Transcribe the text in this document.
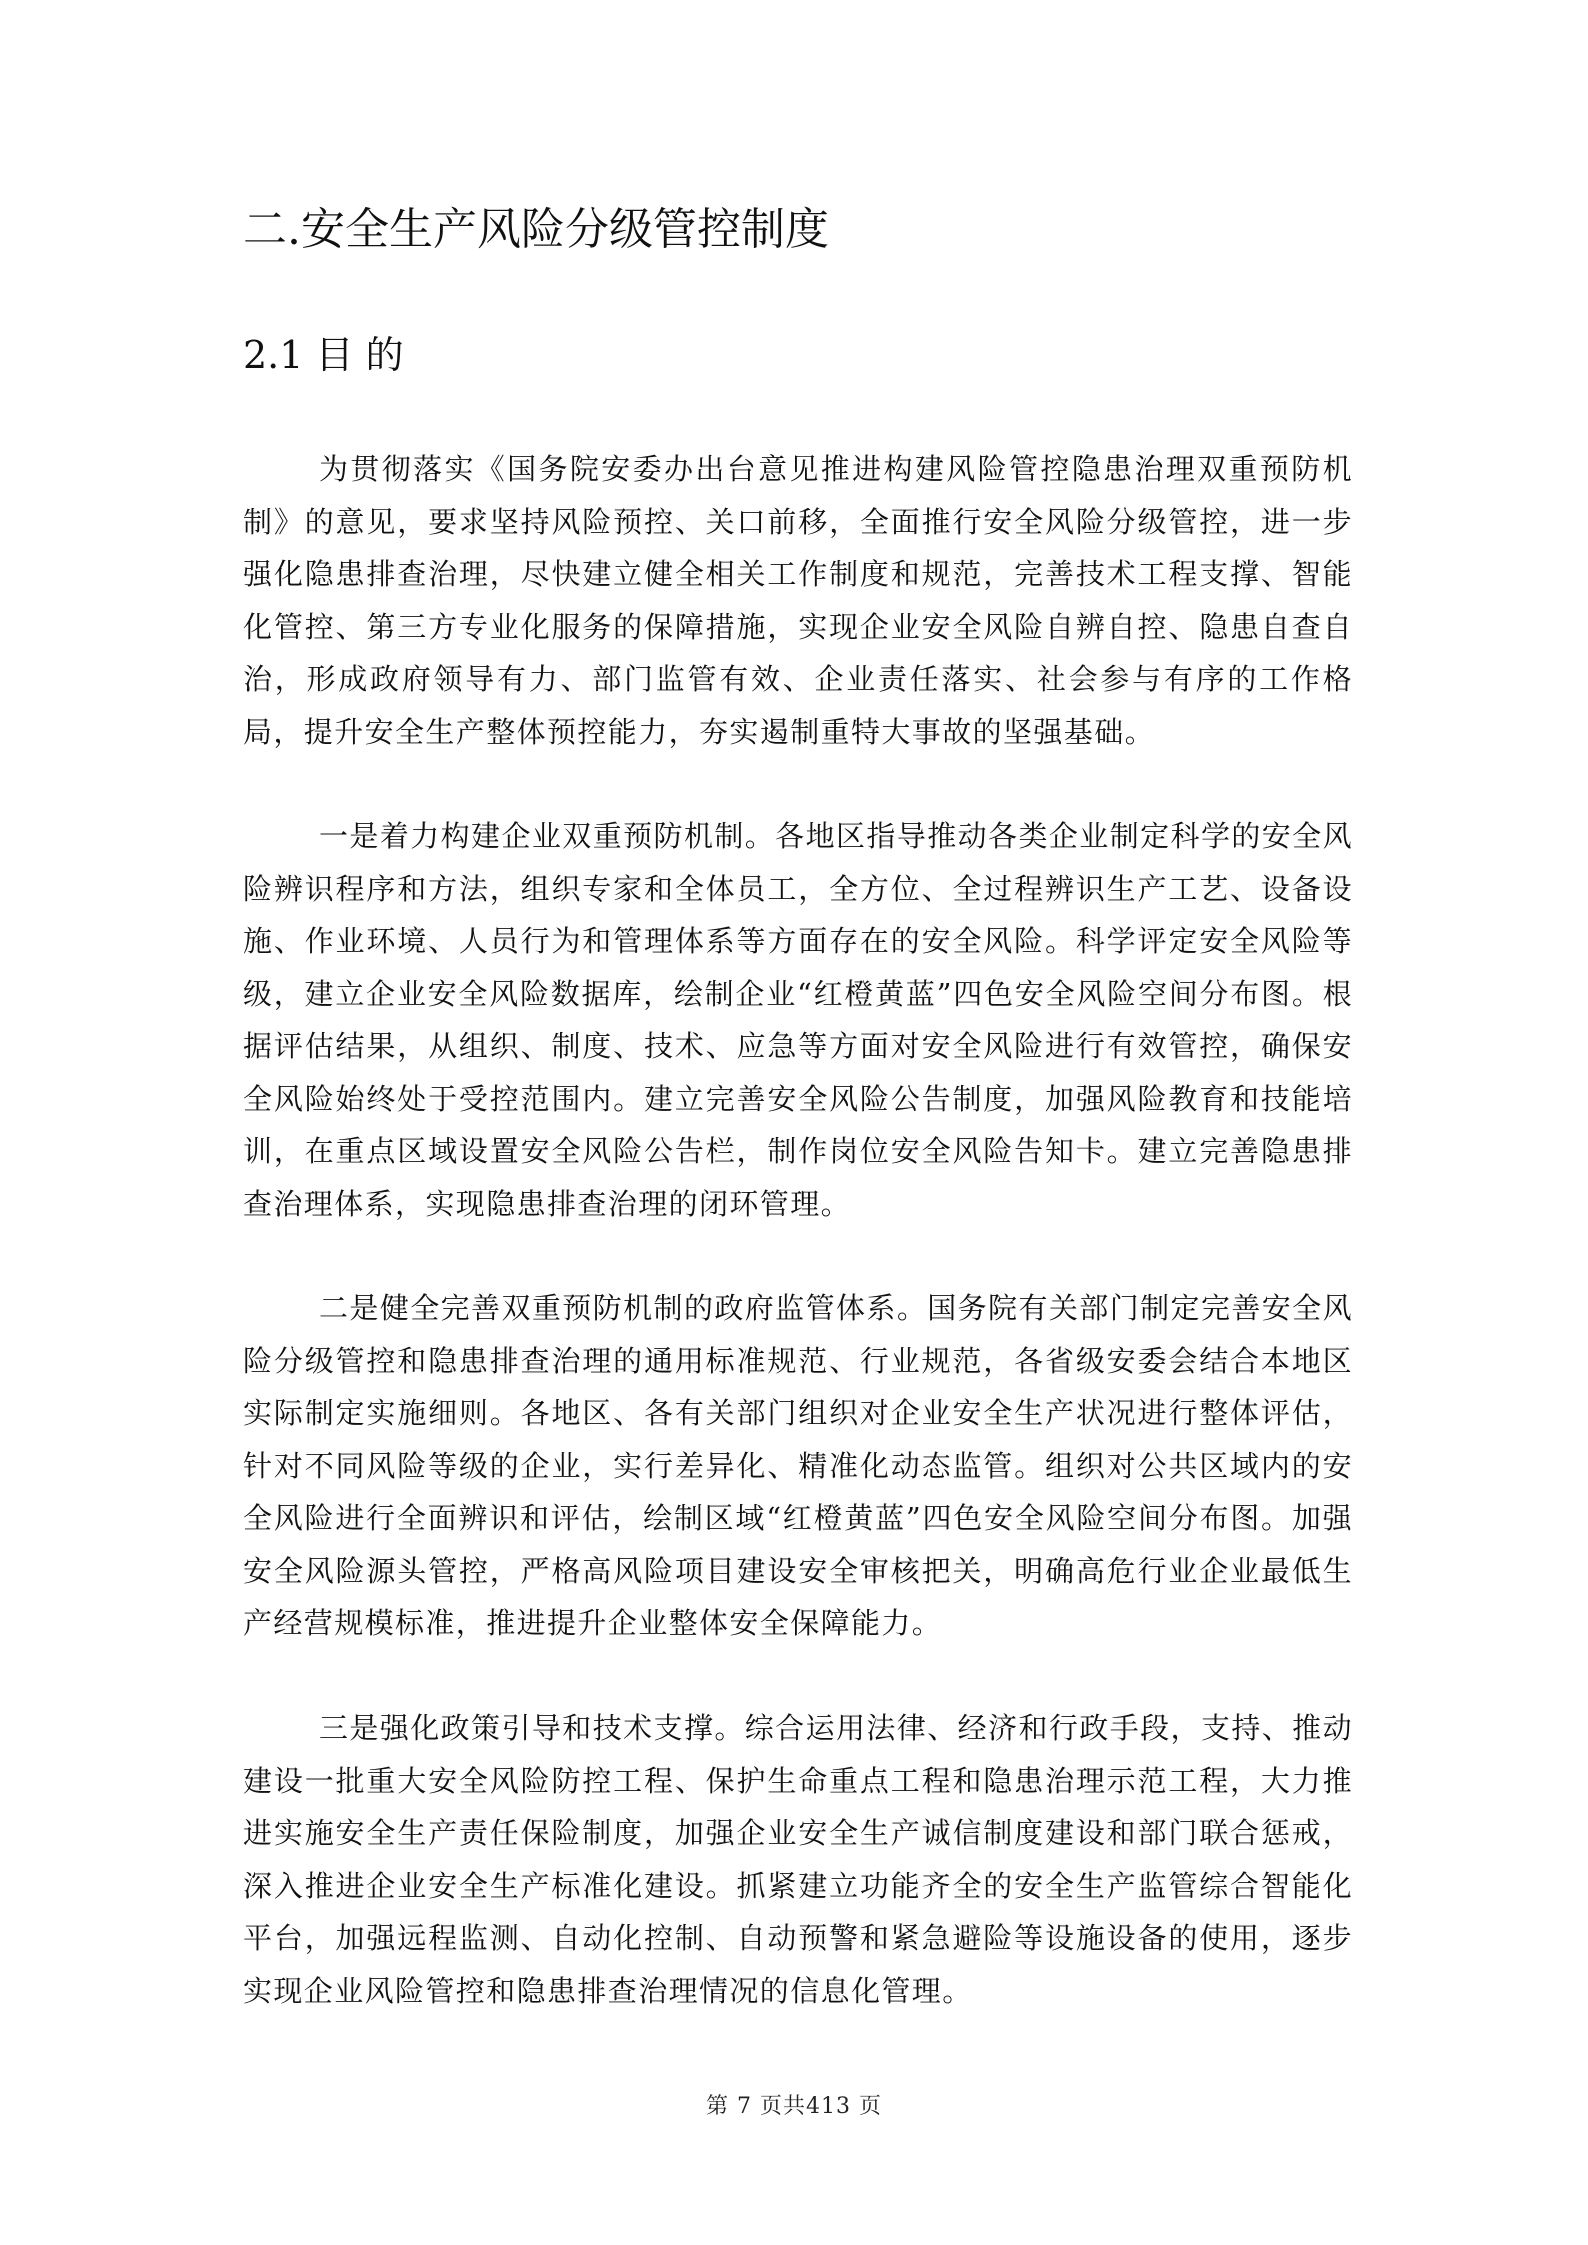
二.安全生产风险分级管控制度
2.1 目 的

为贯彻落实《国务院安委办出台意见推进构建风险管控隐患治理双重预防机制》的意见，要求坚持风险预控、关口前移，全面推行安全风险分级管控，进一步强化隐患排查治理，尽快建立健全相关工作制度和规范，完善技术工程支撑、智能化管控、第三方专业化服务的保障措施，实现企业安全风险自辨自控、隐患自查自治，形成政府领导有力、部门监管有效、企业责任落实、社会参与有序的工作格局，提升安全生产整体预控能力，夯实遏制重特大事故的坚强基础。

一是着力构建企业双重预防机制。各地区指导推动各类企业制定科学的安全风险辨识程序和方法，组织专家和全体员工，全方位、全过程辨识生产工艺、设备设施、作业环境、人员行为和管理体系等方面存在的安全风险。科学评定安全风险等级，建立企业安全风险数据库，绘制企业“红橙黄蓝”四色安全风险空间分布图。根据评估结果，从组织、制度、技术、应急等方面对安全风险进行有效管控，确保安全风险始终处于受控范围内。建立完善安全风险公告制度，加强风险教育和技能培训，在重点区域设置安全风险公告栏，制作岗位安全风险告知卡。建立完善隐患排查治理体系，实现隐患排查治理的闭环管理。

二是健全完善双重预防机制的政府监管体系。国务院有关部门制定完善安全风险分级管控和隐患排查治理的通用标准规范、行业规范，各省级安委会结合本地区实际制定实施细则。各地区、各有关部门组织对企业安全生产状况进行整体评估，针对不同风险等级的企业，实行差异化、精准化动态监管。组织对公共区域内的安全风险进行全面辨识和评估，绘制区域“红橙黄蓝”四色安全风险空间分布图。加强安全风险源头管控，严格高风险项目建设安全审核把关，明确高危行业企业最低生产经营规模标准，推进提升企业整体安全保障能力。

三是强化政策引导和技术支撑。综合运用法律、经济和行政手段，支持、推动建设一批重大安全风险防控工程、保护生命重点工程和隐患治理示范工程，大力推进实施安全生产责任保险制度，加强企业安全生产诚信制度建设和部门联合惩戒，深入推进企业安全生产标准化建设。抓紧建立功能齐全的安全生产监管综合智能化平台，加强远程监测、自动化控制、自动预警和紧急避险等设施设备的使用，逐步实现企业风险管控和隐患排查治理情况的信息化管理。

第 7 页共413 页
